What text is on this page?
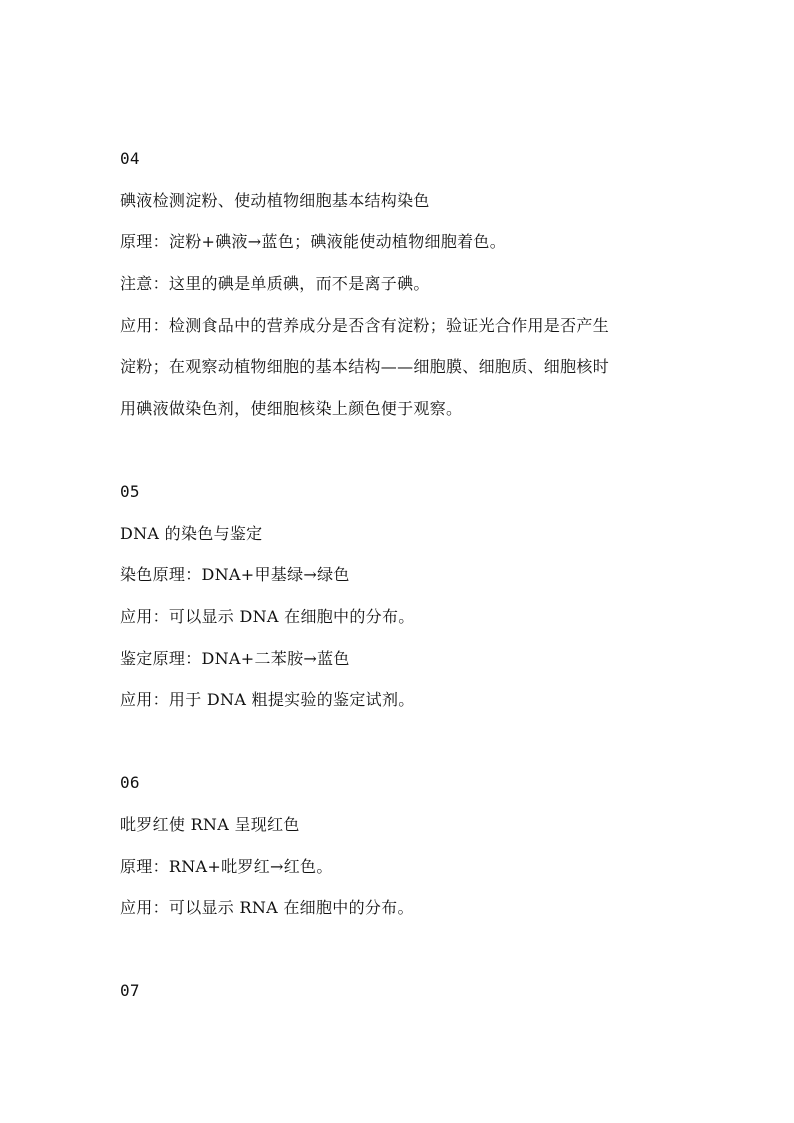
04
碘液检测淀粉、使动植物细胞基本结构染色
原理：淀粉+碘液→蓝色；碘液能使动植物细胞着色。
注意：这里的碘是单质碘，而不是离子碘。
应用：检测食品中的营养成分是否含有淀粉；验证光合作用是否产生
淀粉；在观察动植物细胞的基本结构——细胞膜、细胞质、细胞核时
用碘液做染色剂，使细胞核染上颜色便于观察。
05
DNA 的染色与鉴定
染色原理：DNA+甲基绿→绿色
应用：可以显示 DNA 在细胞中的分布。
鉴定原理：DNA+二苯胺→蓝色
应用：用于 DNA 粗提实验的鉴定试剂。
06
吡罗红使 RNA 呈现红色
原理：RNA+吡罗红→红色。
应用：可以显示 RNA 在细胞中的分布。
07
